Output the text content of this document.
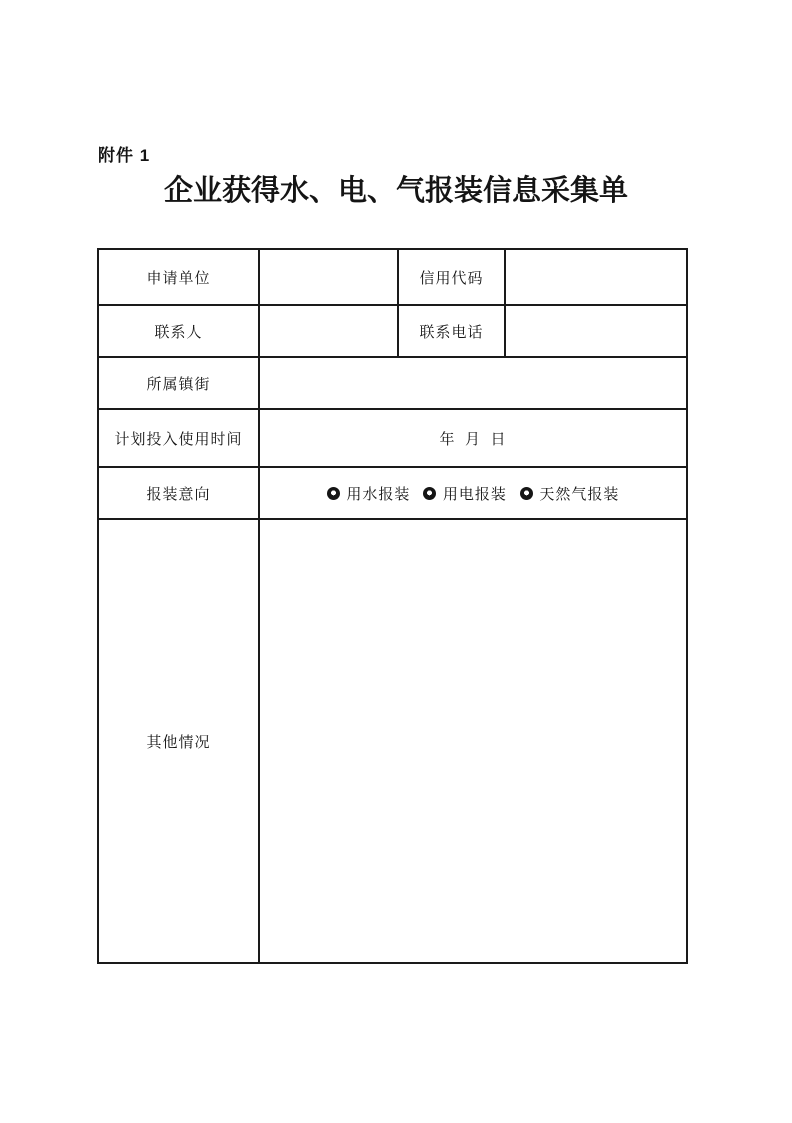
附件 1
企业获得水、电、气报装信息采集单
申请单位		信用代码	
联系人		联系电话	
所属镇街			
计划投入使用时间	年  月  日		
报装意向	用水报装 用电报装 天然气报装		
其他情况			
